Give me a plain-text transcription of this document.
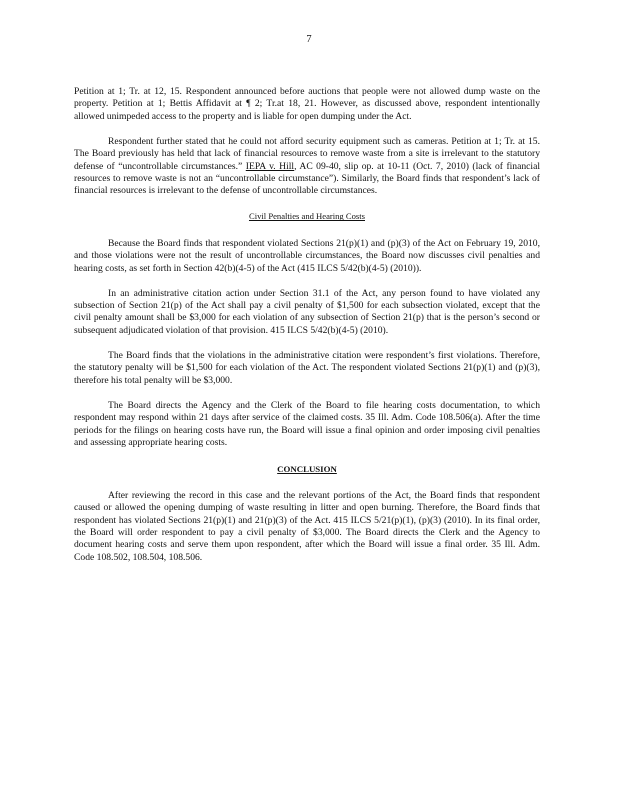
7

Petition at 1; Tr. at 12, 15. Respondent announced before auctions that people were not allowed dump waste on the property. Petition at 1; Bettis Affidavit at ¶ 2; Tr.at 18, 21. However, as discussed above, respondent intentionally allowed unimpeded access to the property and is liable for open dumping under the Act.

Respondent further stated that he could not afford security equipment such as cameras. Petition at 1; Tr. at 15. The Board previously has held that lack of financial resources to remove waste from a site is irrelevant to the statutory defense of “uncontrollable circumstances.” IEPA v. Hill, AC 09-40, slip op. at 10-11 (Oct. 7, 2010) (lack of financial resources to remove waste is not an “uncontrollable circumstance”). Similarly, the Board finds that respondent’s lack of financial resources is irrelevant to the defense of uncontrollable circumstances.

Civil Penalties and Hearing Costs

Because the Board finds that respondent violated Sections 21(p)(1) and (p)(3) of the Act on February 19, 2010, and those violations were not the result of uncontrollable circumstances, the Board now discusses civil penalties and hearing costs, as set forth in Section 42(b)(4-5) of the Act (415 ILCS 5/42(b)(4-5) (2010)).

In an administrative citation action under Section 31.1 of the Act, any person found to have violated any subsection of Section 21(p) of the Act shall pay a civil penalty of $1,500 for each subsection violated, except that the civil penalty amount shall be $3,000 for each violation of any subsection of Section 21(p) that is the person’s second or subsequent adjudicated violation of that provision. 415 ILCS 5/42(b)(4-5) (2010).

The Board finds that the violations in the administrative citation were respondent’s first violations. Therefore, the statutory penalty will be $1,500 for each violation of the Act. The respondent violated Sections 21(p)(1) and (p)(3), therefore his total penalty will be $3,000.

The Board directs the Agency and the Clerk of the Board to file hearing costs documentation, to which respondent may respond within 21 days after service of the claimed costs. 35 Ill. Adm. Code 108.506(a). After the time periods for the filings on hearing costs have run, the Board will issue a final opinion and order imposing civil penalties and assessing appropriate hearing costs.

CONCLUSION

After reviewing the record in this case and the relevant portions of the Act, the Board finds that respondent caused or allowed the opening dumping of waste resulting in litter and open burning. Therefore, the Board finds that respondent has violated Sections 21(p)(1) and 21(p)(3) of the Act. 415 ILCS 5/21(p)(1), (p)(3) (2010). In its final order, the Board will order respondent to pay a civil penalty of $3,000. The Board directs the Clerk and the Agency to document hearing costs and serve them upon respondent, after which the Board will issue a final order. 35 Ill. Adm. Code 108.502, 108.504, 108.506.
